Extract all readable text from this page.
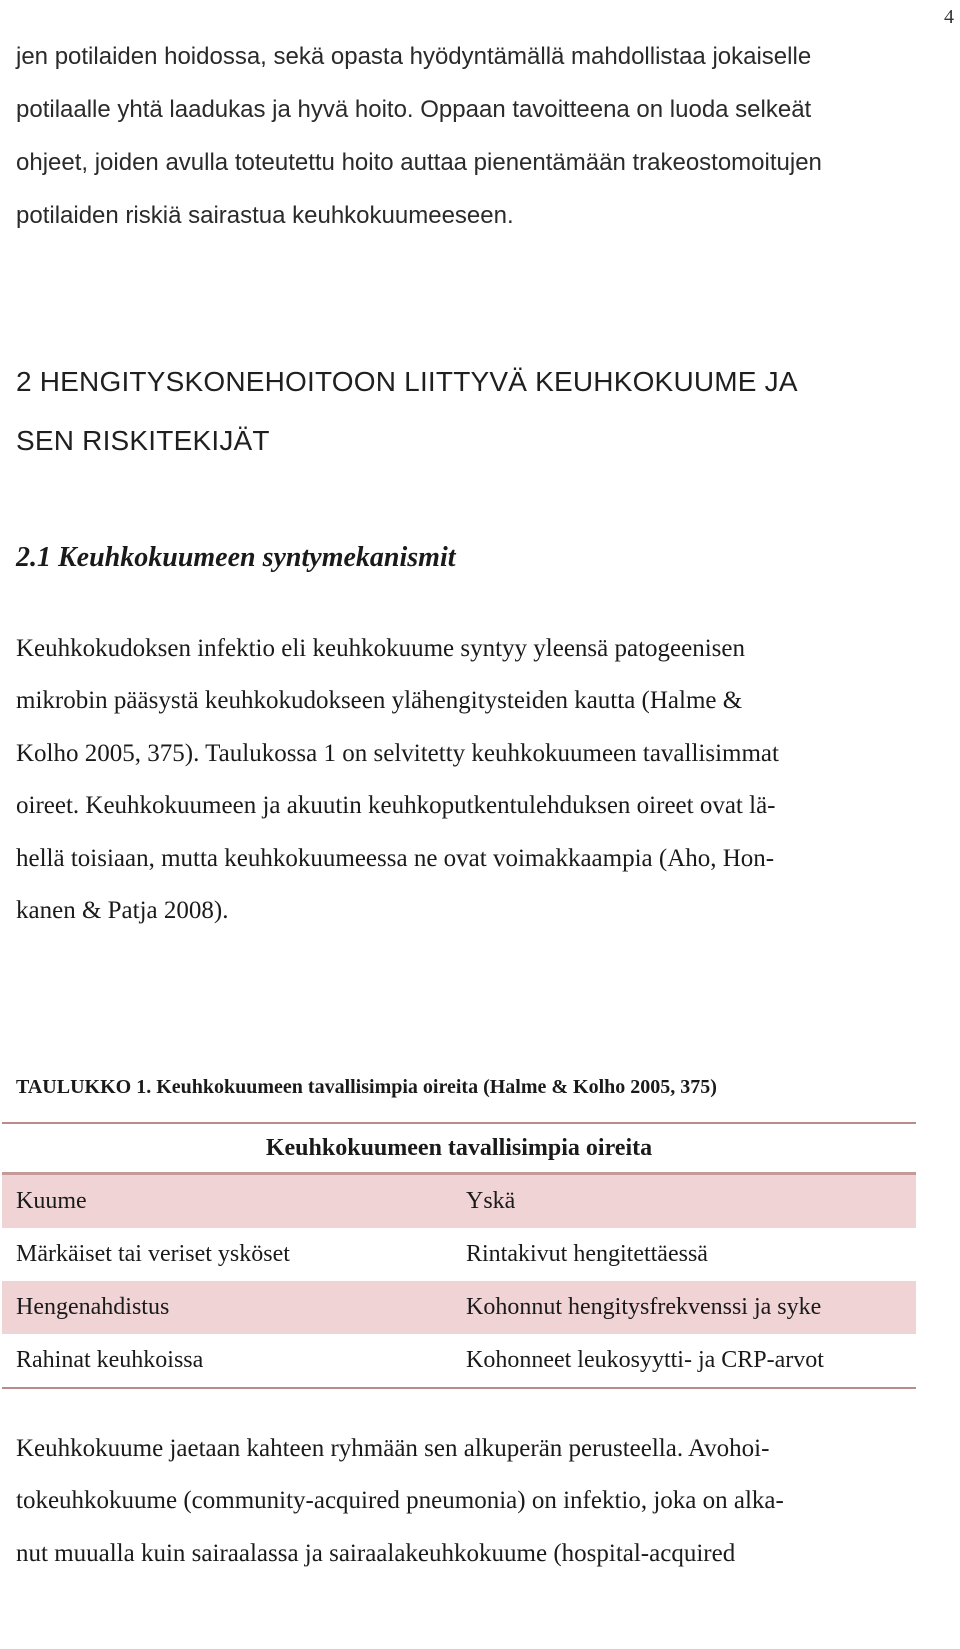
4
jen potilaiden hoidossa, sekä opasta hyödyntämällä mahdollistaa jokaiselle
potilaalle yhtä laadukas ja hyvä hoito. Oppaan tavoitteena on luoda selkeät
ohjeet, joiden avulla toteutettu hoito auttaa pienentämään trakeostomoitujen
potilaiden riskiä sairastua keuhkokuumeeseen.
2 HENGITYSKONEHOITOON LIITTYVÄ KEUHKOKUUME JA
SEN RISKITEKIJÄT
2.1 Keuhkokuumeen syntymekanismit
Keuhkokudoksen infektio eli keuhkokuume syntyy yleensä patogeenisen
mikrobin pääsystä keuhkokudokseen ylähengitysteiden kautta (Halme &
Kolho 2005, 375). Taulukossa 1 on selvitetty keuhkokuumeen tavallisimmat
oireet. Keuhkokuumeen ja akuutin keuhkoputkentulehduksen oireet ovat lä-
hellä toisiaan, mutta keuhkokuumeessa ne ovat voimakkaampia (Aho, Hon-
kanen & Patja 2008).
TAULUKKO 1. Keuhkokuumeen tavallisimpia oireita (Halme & Kolho 2005, 375)
Keuhkokuumeen tavallisimpia oireita
Kuume	Yskä
Märkäiset tai veriset ysköset	Rintakivut hengitettäessä
Hengenahdistus	Kohonnut hengitysfrekvenssi ja syke
Rahinat keuhkoissa	Kohonneet leukosyytti- ja CRP-arvot
Keuhkokuume jaetaan kahteen ryhmään sen alkuperän perusteella. Avohoi-
tokeuhkokuume (community-acquired pneumonia) on infektio, joka on alka-
nut muualla kuin sairaalassa ja sairaalakeuhkokuume (hospital-acquired
